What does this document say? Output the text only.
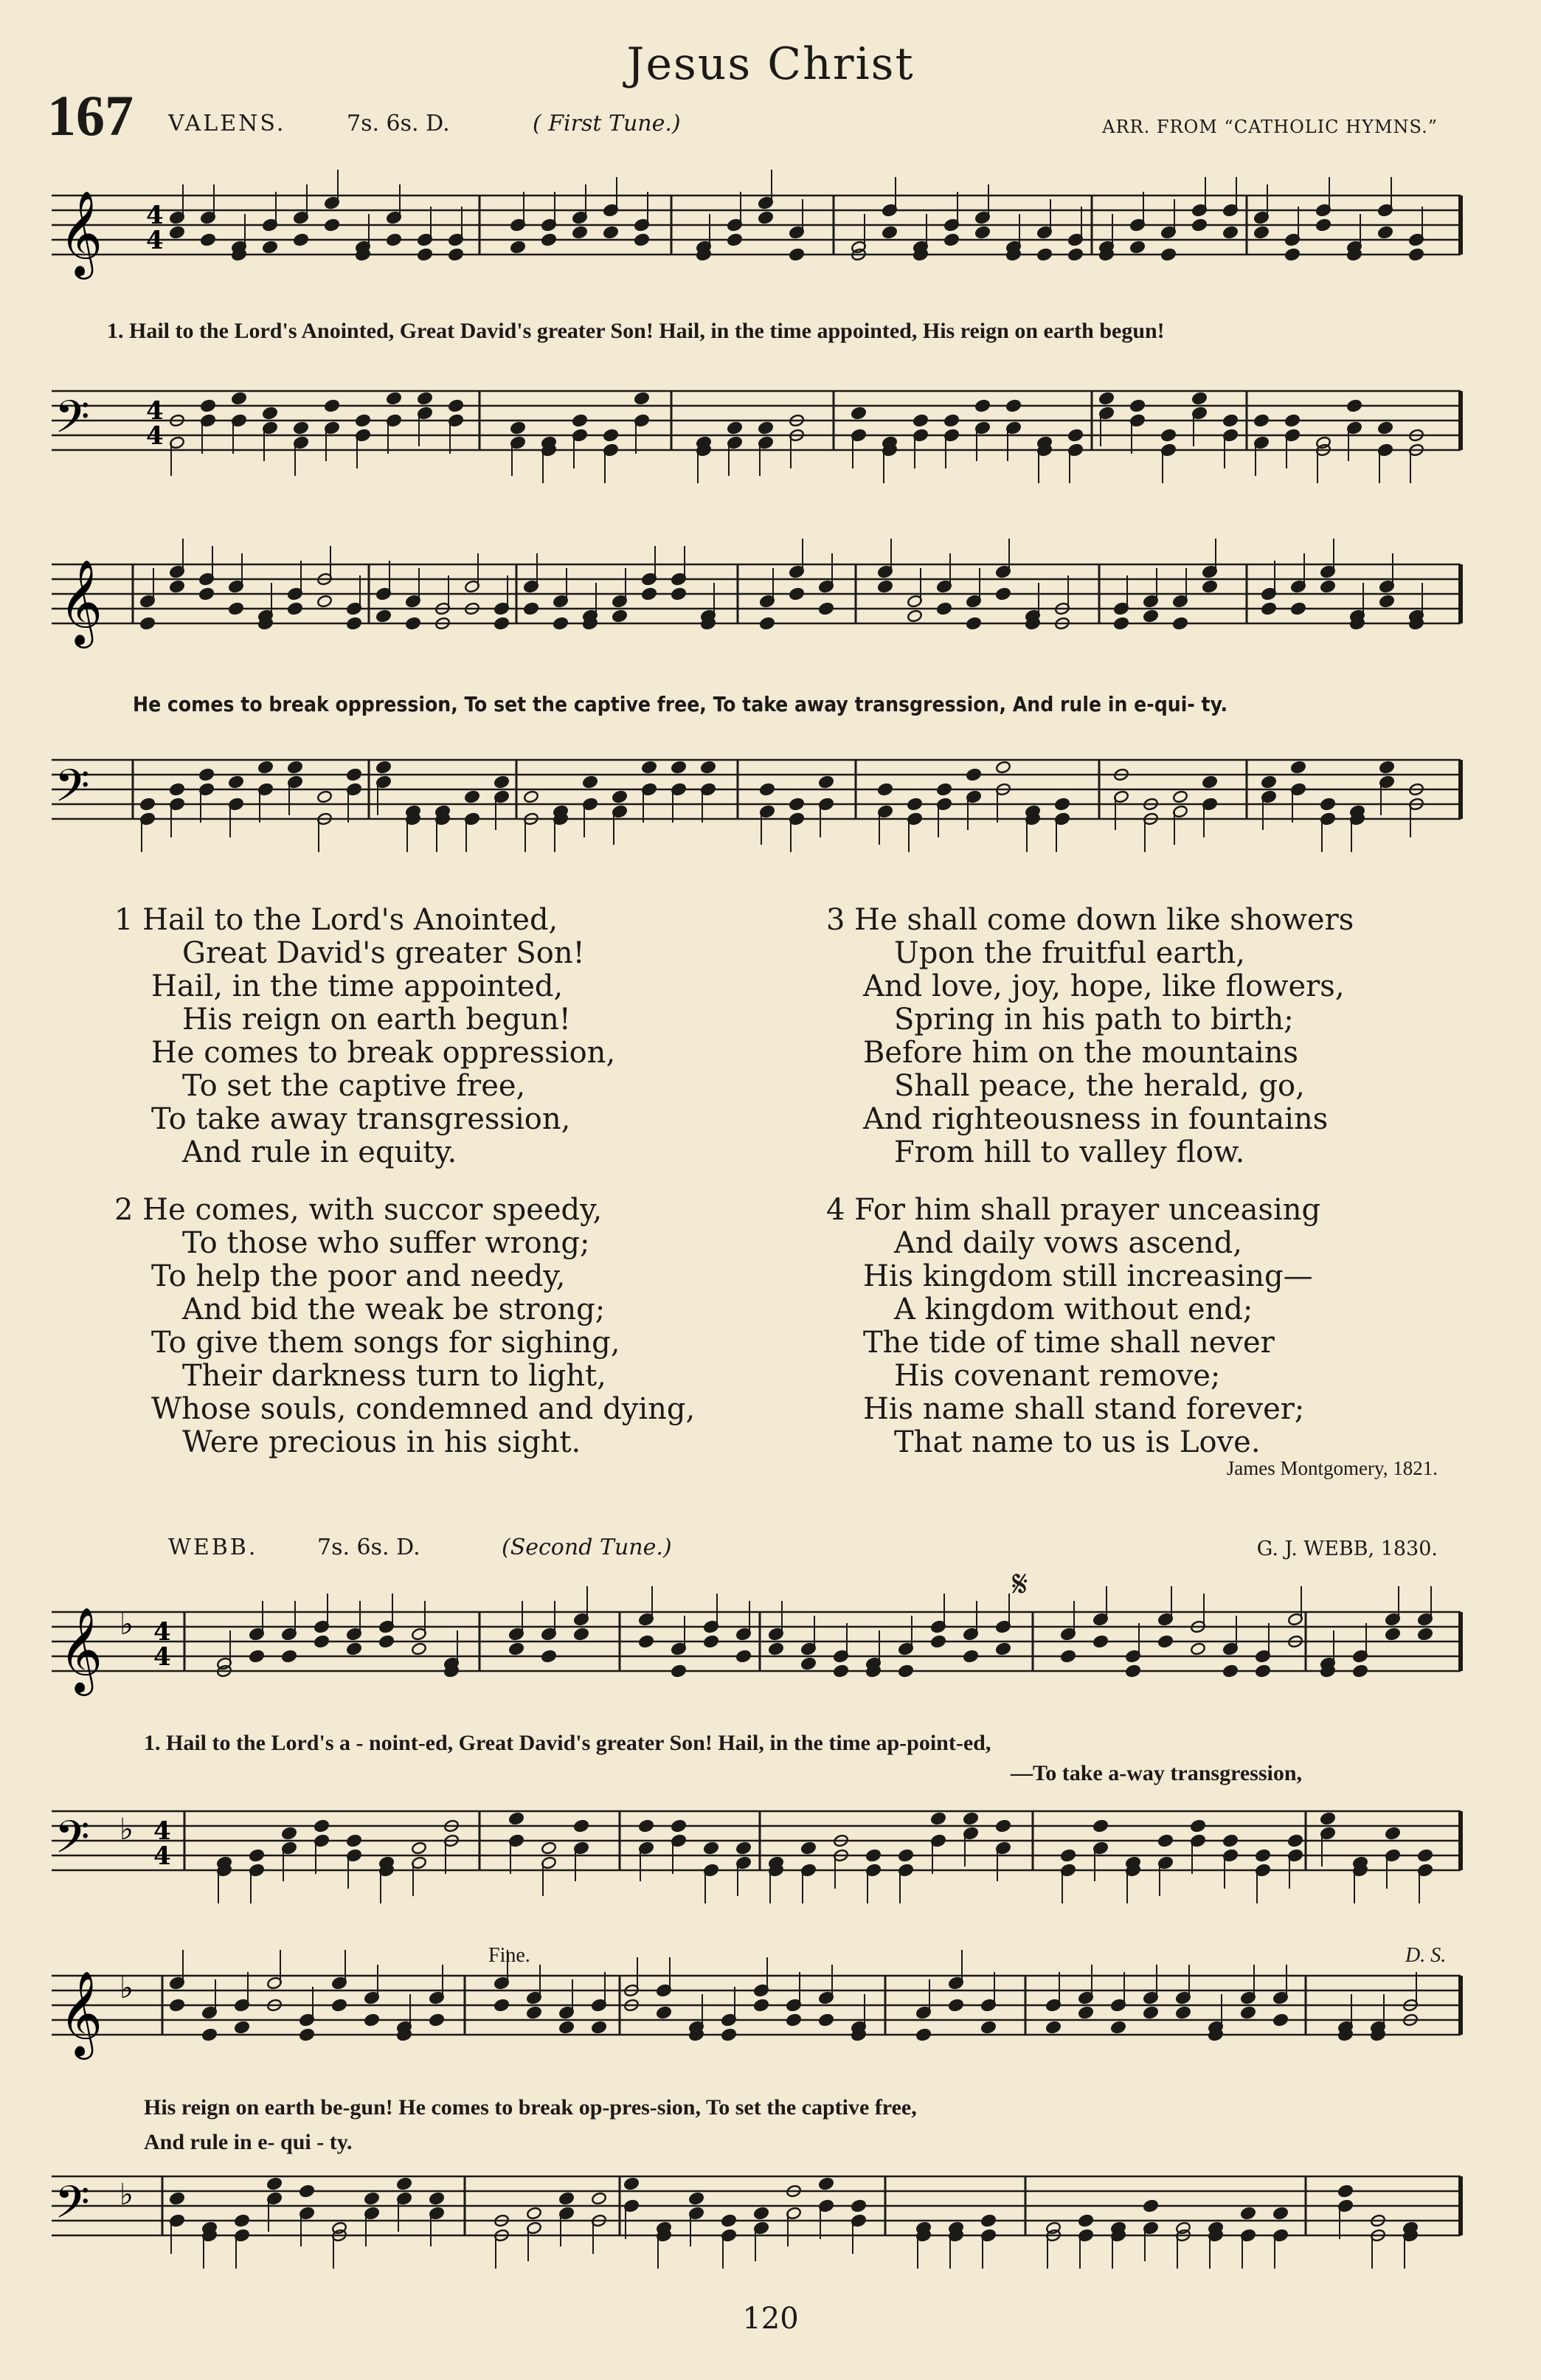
Jesus Christ
167 VALENS.	7s. 6s. D.	( First Tune.)	ARR. FROM “CATHOLIC HYMNS.”
𝄞 4
4
1. Hail to the Lord's Anointed, Great David's greater Son! Hail, in the time appointed, His reign on earth begun!
𝄢 4
4
𝄞
He comes to break oppression, To set the captive free, To take away transgression, And rule in e-qui- ty.
𝄢
1 Hail to the Lord's Anointed,
Great David's greater Son!
Hail, in the time appointed,
His reign on earth begun!
He comes to break oppression,
To set the captive free,
To take away transgression,
And rule in equity.
2 He comes, with succor speedy,
To those who suffer wrong;
To help the poor and needy,
And bid the weak be strong;
To give them songs for sighing,
Their darkness turn to light,
Whose souls, condemned and dying,
Were precious in his sight.
3 He shall come down like showers
Upon the fruitful earth,
And love, joy, hope, like flowers,
Spring in his path to birth;
Before him on the mountains
Shall peace, the herald, go,
And righteousness in fountains
From hill to valley flow.
4 For him shall prayer unceasing
And daily vows ascend,
His kingdom still increasing—
A kingdom without end;
The tide of time shall never
His covenant remove;
His name shall stand forever;
That name to us is Love.
James Montgomery, 1821.
WEBB.	7s. 6s. D.	(Second Tune.)	G. J. WEBB, 1830.
𝄋
𝄞 ♭ 4
4
1. Hail to the Lord's a - noint-ed, Great David's greater Son! Hail, in the time ap-point-ed,
—To take a-way transgression,
𝄢 ♭ 4
4
Fine.	D. S.
𝄞 ♭
His reign on earth be-gun! He comes to break op-pres-sion, To set the captive free,
And rule in e- qui - ty.
𝄢 ♭
120
